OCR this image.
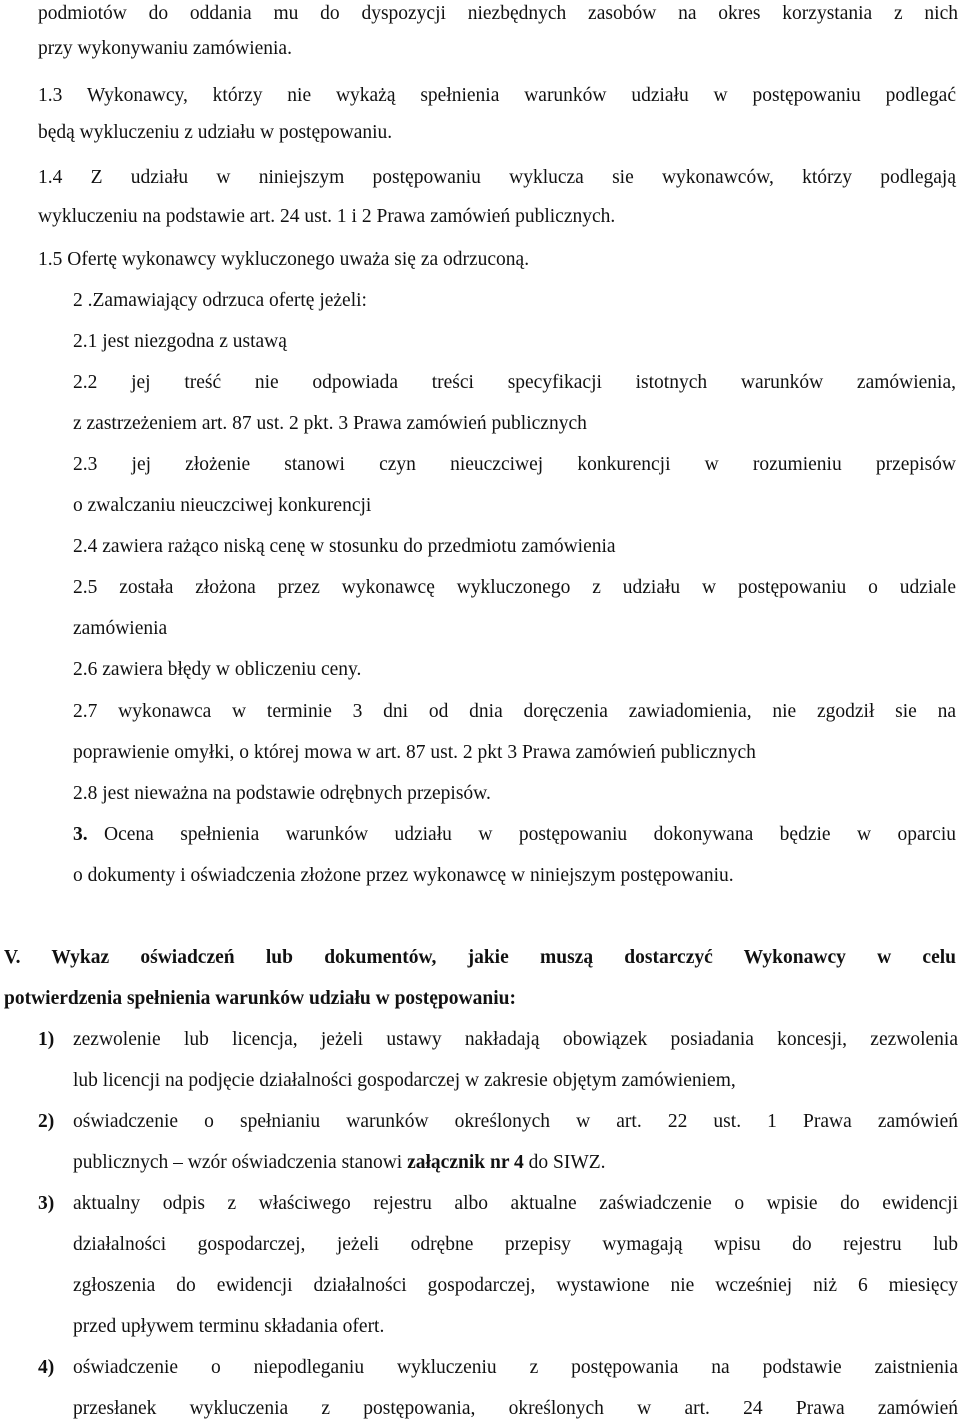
podmiotów do oddania mu do dyspozycji niezbędnych zasobów na okres korzystania z nich
przy wykonywaniu zamówienia.
1.3 Wykonawcy, którzy nie wykażą spełnienia warunków udziału w postępowaniu podlegać
będą wykluczeniu z udziału w postępowaniu.
1.4 Z udziału w niniejszym postępowaniu wyklucza sie wykonawców, którzy podlegają
wykluczeniu na podstawie art. 24 ust. 1 i 2 Prawa zamówień publicznych.
1.5 Ofertę wykonawcy wykluczonego uważa się za odrzuconą.
2 .Zamawiający odrzuca ofertę jeżeli:
2.1 jest niezgodna z ustawą
2.2 jej treść nie odpowiada treści specyfikacji istotnych warunków zamówienia,
z zastrzeżeniem art. 87 ust. 2 pkt. 3 Prawa zamówień publicznych
2.3 jej złożenie stanowi czyn nieuczciwej konkurencji w rozumieniu przepisów
o zwalczaniu nieuczciwej konkurencji
2.4 zawiera rażąco niską cenę w stosunku do przedmiotu zamówienia
2.5 została złożona przez wykonawcę wykluczonego z udziału w postępowaniu o udziale
zamówienia
2.6 zawiera błędy w obliczeniu ceny.
2.7 wykonawca w terminie 3 dni od dnia doręczenia zawiadomienia, nie zgodził sie na
poprawienie omyłki, o której mowa w art. 87 ust. 2 pkt 3 Prawa zamówień publicznych
2.8 jest nieważna na podstawie odrębnych przepisów.
3. Ocena spełnienia warunków udziału w postępowaniu dokonywana będzie w oparciu
o dokumenty i oświadczenia złożone przez wykonawcę w niniejszym postępowaniu.
V. Wykaz oświadczeń lub dokumentów, jakie muszą dostarczyć Wykonawcy w celu
potwierdzenia spełnienia warunków udziału w postępowaniu:
1) zezwolenie lub licencja, jeżeli ustawy nakładają obowiązek posiadania koncesji, zezwolenia
lub licencji na podjęcie działalności gospodarczej w zakresie objętym zamówieniem,
2) oświadczenie o spełnianiu warunków określonych w art. 22 ust. 1 Prawa zamówień
publicznych – wzór oświadczenia stanowi załącznik nr 4 do SIWZ.
3) aktualny odpis z właściwego rejestru albo aktualne zaświadczenie o wpisie do ewidencji
działalności gospodarczej, jeżeli odrębne przepisy wymagają wpisu do rejestru lub
zgłoszenia do ewidencji działalności gospodarczej, wystawione nie wcześniej niż 6 miesięcy
przed upływem terminu składania ofert.
4) oświadczenie o niepodleganiu wykluczeniu z postępowania na podstawie zaistnienia
przesłanek wykluczenia z postępowania, określonych w art. 24 Prawa zamówień
